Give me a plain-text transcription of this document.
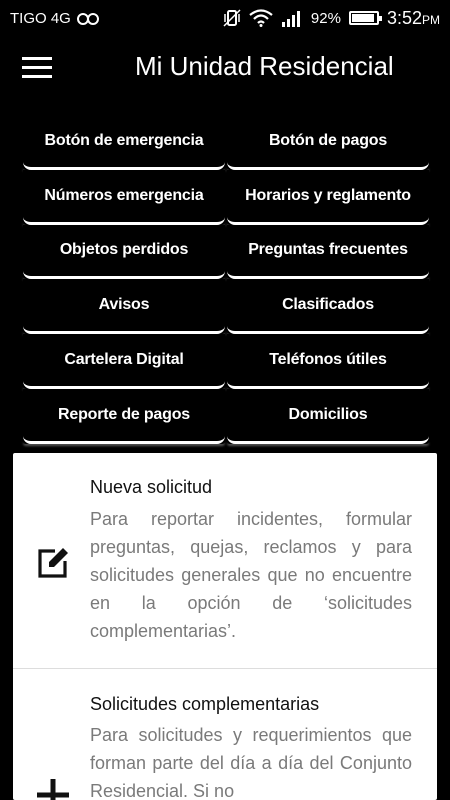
TIGO 4G	92%	3:52PM
Mi Unidad Residencial
Botón de emergencia	Botón de pagos
Números emergencia	Horarios y reglamento
Objetos perdidos	Preguntas frecuentes
Avisos	Clasificados
Cartelera Digital	Teléfonos útiles
Reporte de pagos	Domicilios
Nueva solicitud
Para reportar incidentes, formular preguntas, quejas, reclamos y para solicitudes generales que no encuentre en la opción de ‘solicitudes complementarias’.
Solicitudes complementarias
Para solicitudes y requerimientos que forman parte del día a día del Conjunto Residencial. Si no
